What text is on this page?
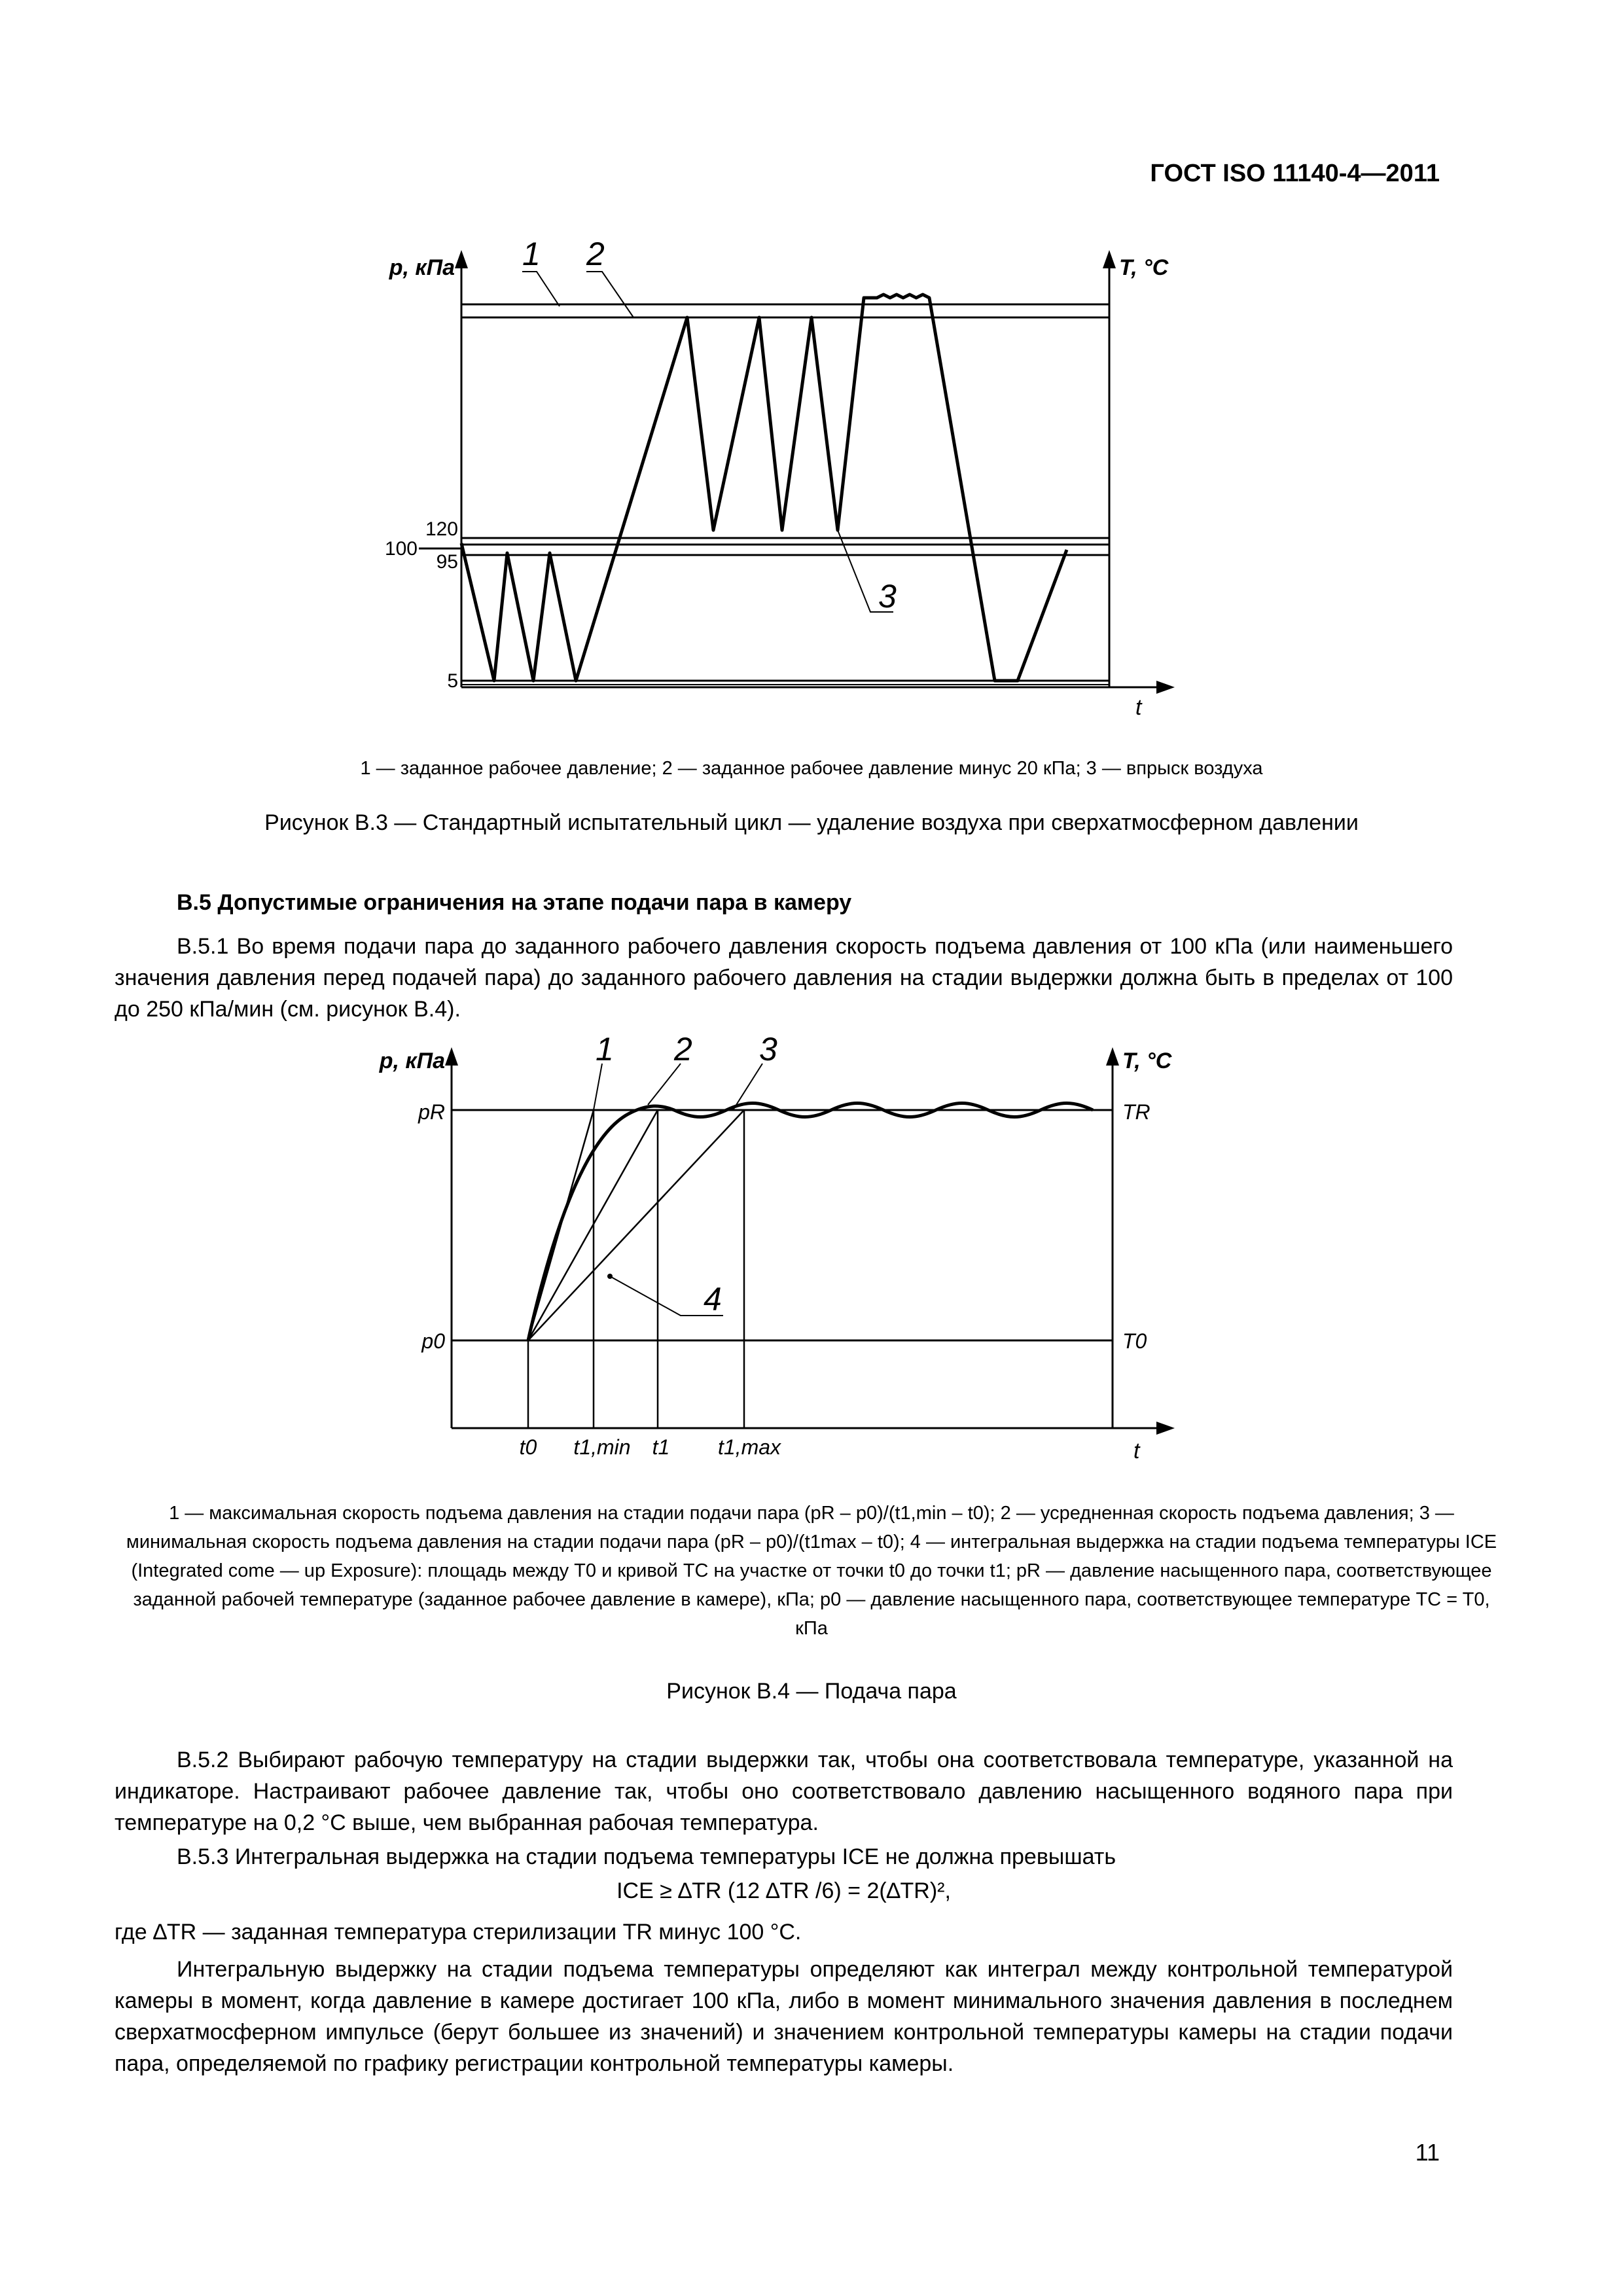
ГОСТ ISO 11140-4—2011
p, кПа	T, °C
t
120
100
95
5
1 2
3
1 — заданное рабочее давление; 2 — заданное рабочее давление минус 20 кПа; 3 — впрыск воздуха
Рисунок В.3 — Стандартный испытательный цикл — удаление воздуха при сверхатмосферном давлении
В.5 Допустимые ограничения на этапе подачи пара в камеру
В.5.1 Во время подачи пара до заданного рабочего давления скорость подъема давления от 100 кПа (или наименьшего значения давления перед подачей пара) до заданного рабочего давления на стадии выдержки должна быть в пределах от 100 до 250 кПа/мин (см. рисунок В.4).
p, кПа	T, °C
t
pR
p0
TR
T0
t0 t1,min t1 t1,max
1 2 3
4
1 — максимальная скорость подъема давления на стадии подачи пара (pR – p0)/(t1,min – t0); 2 — усредненная скорость подъема давления; 3 — минимальная скорость подъема давления на стадии подачи пара (pR – p0)/(t1max – t0); 4 — интегральная выдержка на стадии подъема температуры ICE (Integrated come — up Exposure): площадь между T0 и кривой TC на участке от точки t0 до точки t1; pR — давление насыщенного пара, соответствующее заданной рабочей температуре (заданное рабочее давление в камере), кПа; p0 — давление насыщенного пара, соответствующее температуре TC = T0, кПа
Рисунок В.4 — Подача пара
В.5.2 Выбирают рабочую температуру на стадии выдержки так, чтобы она соответствовала температуре, указанной на индикаторе. Настраивают рабочее давление так, чтобы оно соответствовало давлению насыщенного водяного пара при температуре на 0,2 °С выше, чем выбранная рабочая температура.
В.5.3 Интегральная выдержка на стадии подъема температуры ICE не должна превышать
ICE ≥ ∆TR (12 ∆TR /6) = 2(∆TR)²,
где ∆TR — заданная температура стерилизации TR минус 100 °С.
Интегральную выдержку на стадии подъема температуры определяют как интеграл между контрольной температурой камеры в момент, когда давление в камере достигает 100 кПа, либо в момент минимального значения давления в последнем сверхатмосферном импульсе (берут большее из значений) и значением контрольной температуры камеры на стадии подачи пара, определяемой по графику регистрации контрольной температуры камеры.
11
